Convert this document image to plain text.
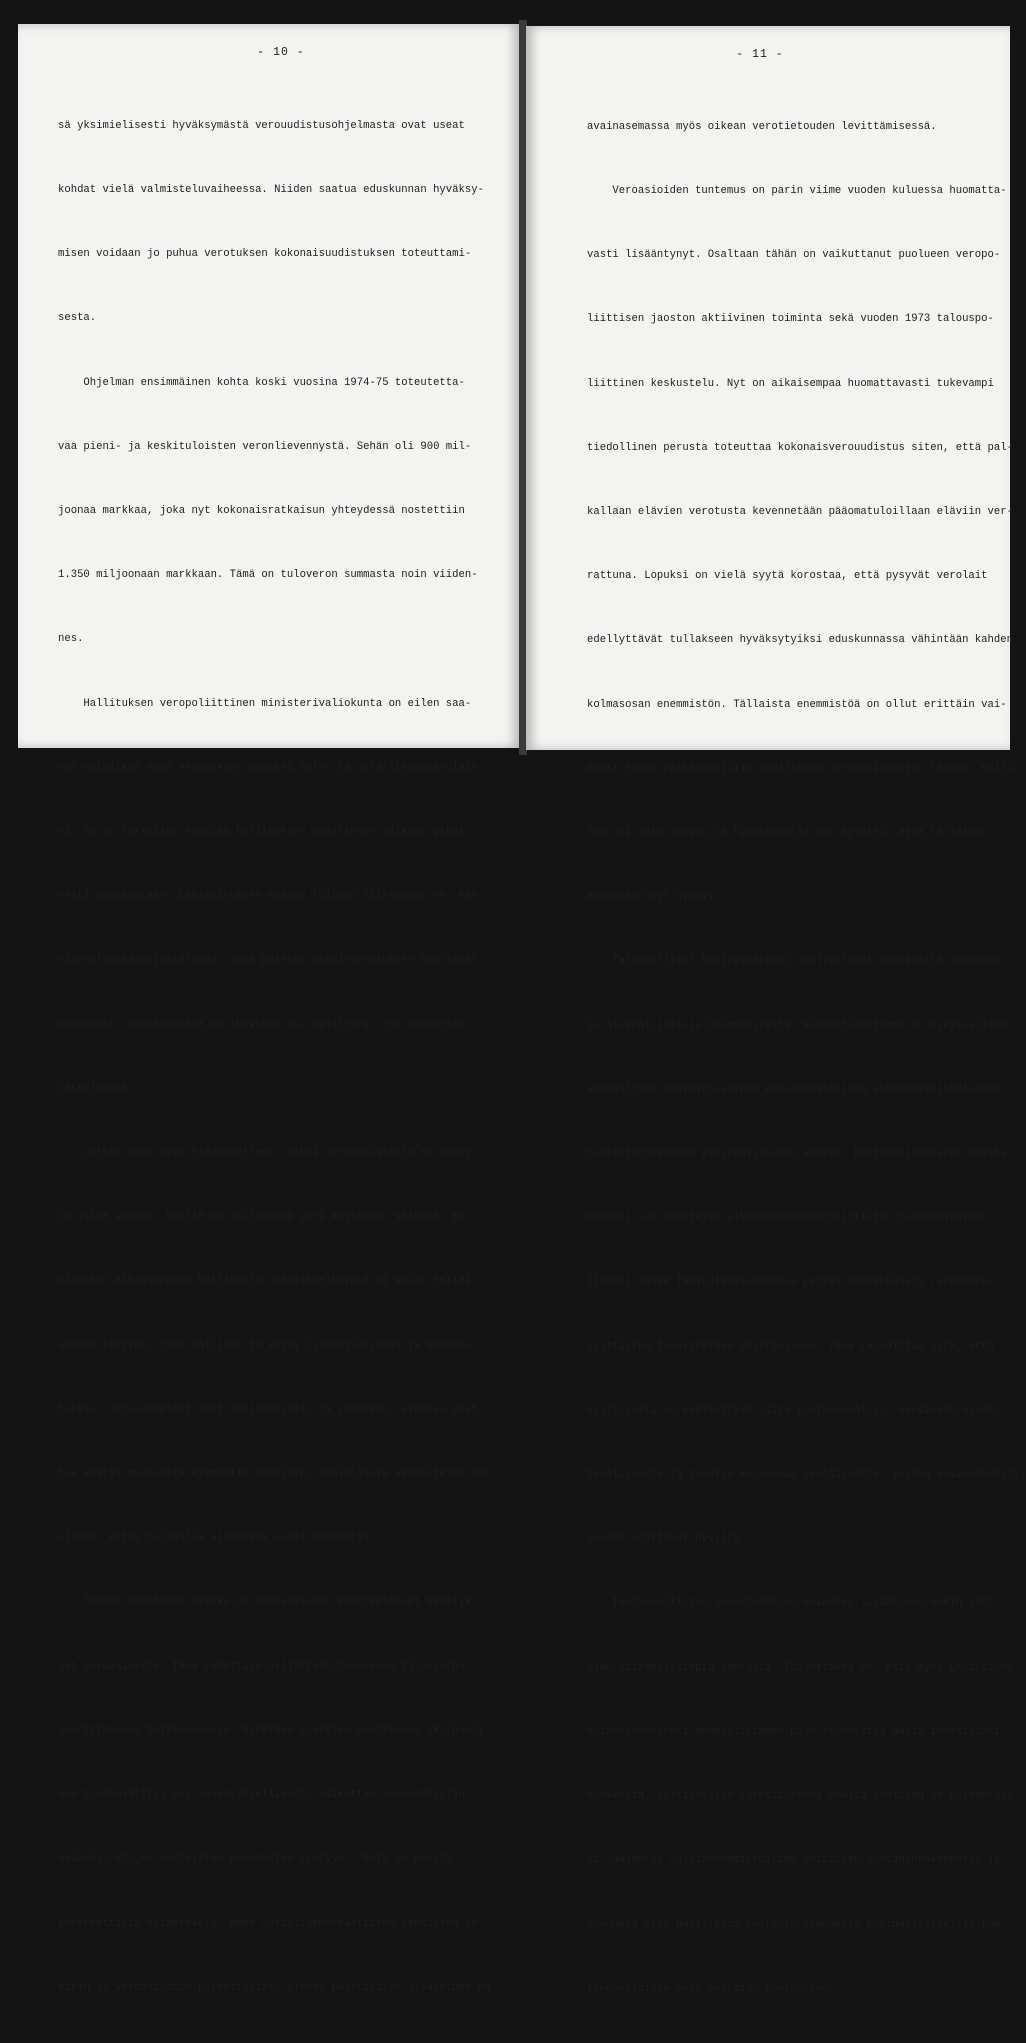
- 10 -

sä yksimielisesti hyväksymästä verouudistusohjelmasta ovat useat

kohdat vielä valmisteluvaiheessa. Niiden saatua eduskunnan hyväksy-

misen voidaan jo puhua verotuksen kokonaisuudistuksen toteuttami-

sesta.

Ohjelman ensimmäinen kohta koski vuosina 1974-75 toteutetta-

vaa pieni- ja keskituloisten veronlievennystä. Sehän oli 900 mil-

joonaa markkaa, joka nyt kokonaisratkaisun yhteydessä nostettiin

1.350 miljoonaan markkaan. Tämä on tuloveron summasta noin viiden-

nes.

Hallituksen veropoliittinen ministerivaliokunta on eilen saa-

nut valmiiksi myös ehdotuksen uudeksi tulo- ja varallisuusverolaik-

si. Se on tarkoitus saattaa hallituksen käsittelyn jälkeen pikai-

sesti eduskuntaan. Lakiesityksen mukaan tullaan siirtymään ns. kak-

siveroluokkajärjestelmään, joka poistaa yhteisverotuksen suurimmat

epäkohdat. Ehdotuksessa on luovuttu ns. splitting- eli tasausjär-

jestelmästä.

Jotkut ovat myös tiedustelleet, miksi verouudistusta ei tehty

jo viime vuonna. Näille on esitettävä pari käytännön seikkaa. En-

sinnäkin aikaisempien hallitusten valmistelutyötä ei voitu sellai-

senaan käyttää. Tämä hallitus tarvitsi lisäselvityksiä ja koevero-

tuksia. Vero-ongelmat ovat monitahoisia, ja yhdenkin ratkaisu saat-

taa vaatia muutoksia kymmeniin lakeihin. Huolellista valmistelua tar-

vitaan, ettei toisaalla aiheuteta uusia epäkohtia.

Toinen käytännön seikka on kansalaisten puutteelliset käsityk-

set veroasioista. Tämä todettiin hiljattain Tampereen Yliopiston

suorittamassa tutkimuksessa. Oikeiden tietojen puuttuessa yksipuoli-

nen tiedonvälitys voi menestyksellisesti vaikuttaa veronmaksajan

omienkin etujen vastaisten uskomusten syntyyn. Tästä on useita

konkreettisia esimerkkejä. Oman sosialidemokraattisen lehdistön le-

vikin ja veroasioihin käytettävissä olevan palstatilan lisääminen on

- 11 -

avainasemassa myös oikean verotietouden levittämisessä.

Veroasioiden tuntemus on parin viime vuoden kuluessa huomatta-

vasti lisääntynyt. Osaltaan tähän on vaikuttanut puolueen veropo-

liittisen jaoston aktiivinen toiminta sekä vuoden 1973 talouspo-

liittinen keskustelu. Nyt on aikaisempaa huomattavasti tukevampi

tiedollinen perusta toteuttaa kokonaisverouudistus siten, että pal-

kallaan elävien verotusta kevennetään pääomatuloillaan eläviin ver-

rattuna. Lopuksi on vielä syytä korostaa, että pysyvät verolait

edellyttävät tullakseen hyväksytyiksi eduskunnassa vähintään kahden

kolmasosan enemmistön. Tällaista enemmistöä on ollut erittäin vai-

keata saada palkansaajille edullisten verouudistusten taakse. Halli-

tus voi vain toivoa ja työskennellä sen hyväksi, että tällainen

enemmistö nyt syntyy.

Taloudelliset kehitysnäkymät edellyttävät tehokkaita suhdanne-

ja aluepoliittisia toimenpiteitä. Kansantaloutemme on nykyisellään

vaarallisen haavoittuvainen kansainvälisissä suhdannevaihteluissa

tuotantorakenteen yksipuolisuuden vuoksi. Haittavaikutusten poista-

miseksi suoritettujen ulkomaankauppapoliittisten toimenpiteiden

lisäksi tulee lähitulevaisuudessa pyrkiä ponnekkaasti rakennepo-

liittisten tavoitteiden edistämiseen. Tämä tarkoittaa sitä, että

erityisesti on kehitettävä niitä tuotannonaloja, varsinkin vienti-

teollisuutta ja tuontia korvaavaa teollisuutta, joiden kasvumahdolli-

suudet näyttävät hyviltä.

Tuotannollisten investointien voimakas lisääminen onkin lähi-

ajan kiireellisimpiä tehtäviä. Toivottavaa on, että myös yksityinen

elinkeinosektori mahdollisimman pian käynnistää uusia investointi-

hankkeita. Valtiovallan tarkoituksena omalta osaltaan on voimakkaas-

ti laajentaa valtioenemmistöisten yhtiöiden tuotantorakennetta ja

suunnata sitä uusillekin tuotantorakennetta monipuolistaville tuo-

tannonaloille sekä energian tuotantoon.
